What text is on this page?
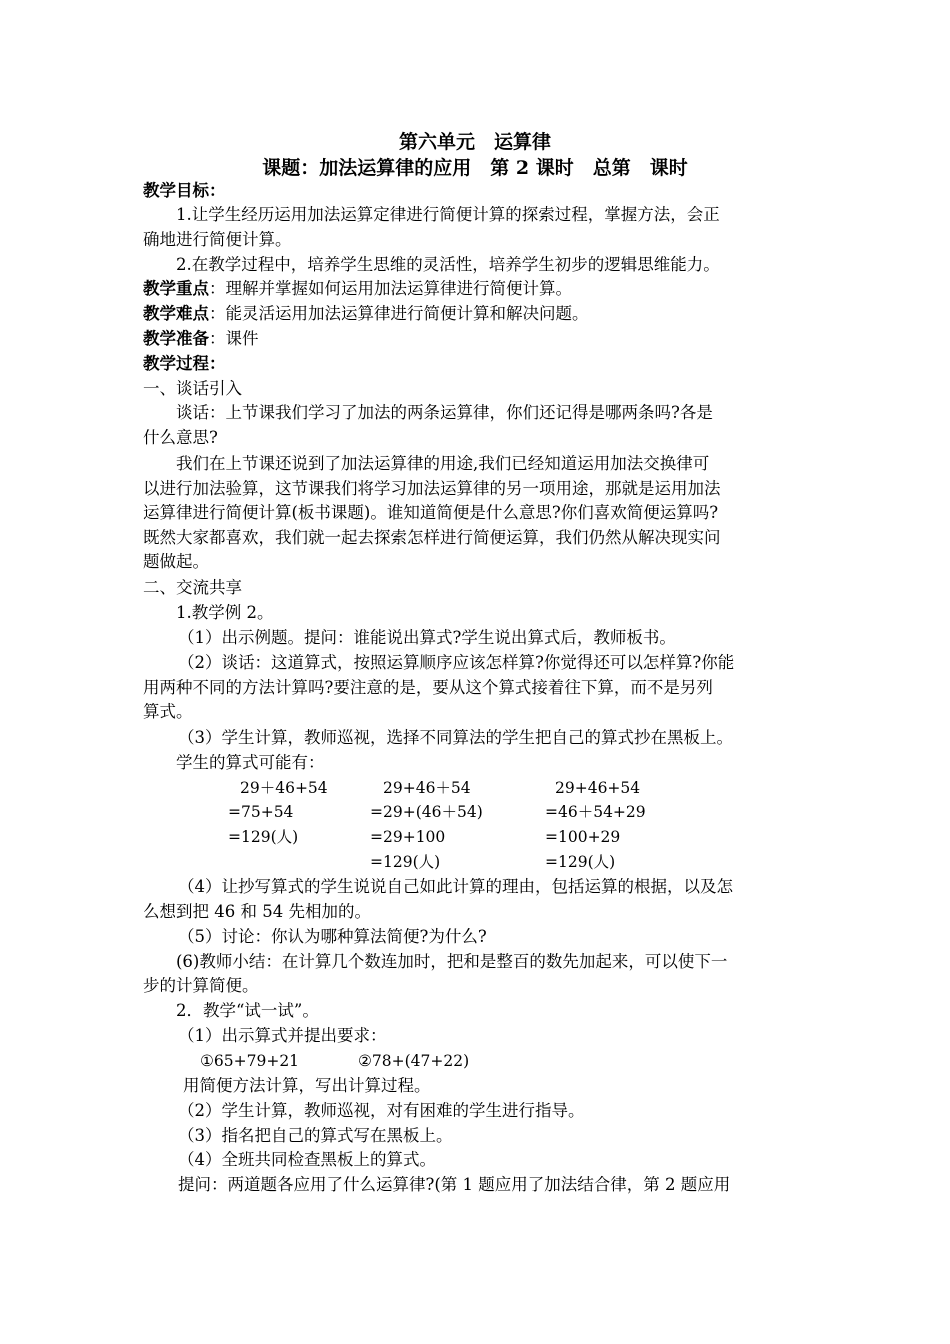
第六单元　运算律
课题：加法运算律的应用　第 2 课时　总第　课时
教学目标：
1.让学生经历运用加法运算定律进行简便计算的探索过程，掌握方法，会正
确地进行简便计算。
2.在教学过程中，培养学生思维的灵活性，培养学生初步的逻辑思维能力。
教学重点：理解并掌握如何运用加法运算律进行简便计算。
教学难点：能灵活运用加法运算律进行简便计算和解决问题。
教学准备：课件
教学过程：
一、谈话引入
谈话：上节课我们学习了加法的两条运算律，你们还记得是哪两条吗?各是
什么意思?
我们在上节课还说到了加法运算律的用途,我们已经知道运用加法交换律可
以进行加法验算，这节课我们将学习加法运算律的另一项用途，那就是运用加法
运算律进行简便计算(板书课题)。谁知道简便是什么意思?你们喜欢简便运算吗?
既然大家都喜欢，我们就一起去探索怎样进行简便运算，我们仍然从解决现实问
题做起。
二、交流共享
1.教学例 2。
（1）出示例题。提问：谁能说出算式?学生说出算式后，教师板书。
（2）谈话：这道算式，按照运算顺序应该怎样算?你觉得还可以怎样算?你能
用两种不同的方法计算吗?要注意的是，要从这个算式接着往下算，而不是另列
算式。
（3）学生计算，教师巡视，选择不同算法的学生把自己的算式抄在黑板上。
学生的算式可能有：
29＋46+54
=75+54
=129(人)
29+46＋54
=29+(46＋54)
=29+100
=129(人)
29+46+54
=46＋54+29
=100+29
=129(人)
（4）让抄写算式的学生说说自己如此计算的理由，包括运算的根据，以及怎
么想到把 46 和 54 先相加的。
（5）讨论：你认为哪种算法简便?为什么?
(6)教师小结：在计算几个数连加时，把和是整百的数先加起来，可以使下一
步的计算简便。
2．教学“试一试”。
（1）出示算式并提出要求：
①65+79+21	②78+(47+22)
用简便方法计算，写出计算过程。
（2）学生计算，教师巡视，对有困难的学生进行指导。
（3）指名把自己的算式写在黑板上。
（4）全班共同检查黑板上的算式。
提问：两道题各应用了什么运算律?(第 1 题应用了加法结合律，第 2 题应用
